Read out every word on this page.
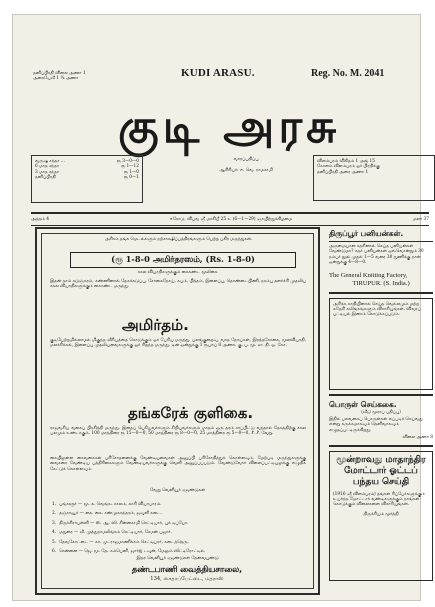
தனிப்பிரதி விலை அணா 1
அரையேவீ 1 ¼ அணா	KUDI ARASU.	Reg. No. M. 2041
குடி அரசு
வருஷ சந்தா ...	ரூ 3—0—0
6 மாத சந்தா	ரூ 1—12
3 மாத சந்தா	ரூ 1—0
தனிப்பிரதி	ரூ 0—1
வாரப்பதிப்பு
ஆசிரியர்: ஈ. வெ. ராமசாமி
விளம்பரம் விகிதம் 1 அங் 15
கோளம் விளம்பரம் ஓர் பிரதிக்கு
தனிப்பிரதி அரை அணா 1
அத்தம் 4	ஈரோடு, விபவ ஞீ மாசியீ 25 உ (6—1—29) ஞாயிற்றுக்கிழமை	மலர் 37
அரிசம் தங்க மெடல்களும் நற்சாக்ஷிப்பத்திரங்களும் பெற்ற பகிர மருந்துகள்.
(ரூ 1-8-0 அமிர்தரஸம், (Rs. 1-8-0)
சகல வியாதிகளுக்கும் கைகண்ட மூலிகை
இதன் தாம் கடுஞ்சுரம், கண்ணினால் தேகக்கடுப்பு, சோகைநோய், கபம், பித்தம், இளைப்பு, தொண்டைபிணி, நரம்பு தளர்ச்சி முதலிய சகல வியாதிகளுக்கும் கைகண்ட மருந்து.
அமிர்தம்.
குடியேற்றமில்லாமல் மிகுந்த வீரியத்தை கொடுக்கும் ஓர் பேரிய மருந்து. பலங்குறைவு, வாத நோய்கள், இரத்தசோகை, மூலவியாதி, மலச்சிக்கல், இளைப்பு முதலியவைகளுக்கு ஓர் சிறந்த மருந்து. டின் ஒன்றுக்கு 1 ரூபாய் 8 அணா. கு. ப. மூ. ஸ. தி. ஓ. கோ.
தங்கரேக் குளிகை.
ராஜவசிய வகைப் பிரசித்தி மருந்து. இதைப் பெரியவர்களும் சிறியவர்களும் மாதம் ஒரு தரம் சாப்பிட்டு வந்தால் தேகத்திற்கு சகல பலமும் உண்டாகும். 100 மாத்திரை ரூ 15—0—0, 50 மாத்திரை ரூ 8—0—0, 25 மாத்திரை ரூ 5—0—0, சீ. சீ. வேறு.
கையிலுள்ள கைவகைகள் பரிசோதனைக்கு வேண்டியவைகள் அனுப்பி பரிசோதித்துக் கொள்ளவும். மேற்படி மருந்துகளுக்கு வைகரை வேண்டிய பத்திரிகைகளும் வேண்டியவர்களுக்கு வெளி அனுப்பப்படும். வேண்டுவோர் விலைப்பட்டியலுக்கு எழுதிக் கேட்டுக் கொள்ளவும்.
வேறு வெளியூர் ஏஜண்டுகள்
1. பங்களூர் — மூ. சு. வெங்கடாசலம், காசி வியாபாரம்.
2. தஞ்சாவூர் — கை. கை. சண்முகசுந்தரம், ஜவுளி கடை.
3. திருச்சிராபள்ளி — ஸ். ஆ. ஸி. சின்னசாமி செட்டியார், புக் டிப்போ.
4. மதுரை — வீ. முத்துராமலிங்கம் செட்டியார், சேமன் பஜார்.
5. தேவகோட்டை — கா. மு. ராஜமாணிக்கம் செட்டியார், கடைத்தெரு.
6. சென்னை — ஜெ. மூ. தே. கம்பெனி, ஜார்ஜ் டவுன், மேலும் ஸிட்டிரோட்டில்.
இதர வெளியூர் ஏஜண்டுகள் தேவையுண்டு
தண்டபாணி வைத்தியசாலை,
134, சைதாப்பேட்டை, மதராஸ்
திருப்பூர் பனியன்கள்.
அருமையான கதரினால் செய்த பனியன்கள் வேண்டுமா? கதர் பனியன்கள் ஒவ்வொன்றும் 30 நம்பர் நூல் முதல் 1—5 வரை 30 துணிக்கு நாள் ஒன்றுக்கு 4—8—0.
The General Knitting Factory,
TIRUPUR. (S. India.)
அரிக்க காதியினால் செய்த வெல்லமும் மற்ற சுதேசி கலிங்கங்களும் விசாரியுங்கள். விவரப் பட்டியல் இனாம் கொடுக்கப்படும்.
பொருள் செய்ககை.
(வீடு மூராப் பதிப்பு)
இதில் பலவகைப் பொருள்கள் எப்படிச் செய்வது என்று சுருக்கமாகவும் தெளிவாகவும் எழுதப்பட்டிருக்கிறது.
விலை அணா 8
மூன்றாவது மாதாந்திர மோட்டார் ஓட்டப் பந்தய செய்தி
(1916 ஞீ விளம்பரம்) தங்கள் ரிப்பேர்களுக்கும் உயர்ந்த மோட்டார் வண்டிகளுக்கும் நாங்கள் கொடுக்கும் விலைகளை விசாரியுங்கள்.
திருச்சியம் மூர்த்தி
